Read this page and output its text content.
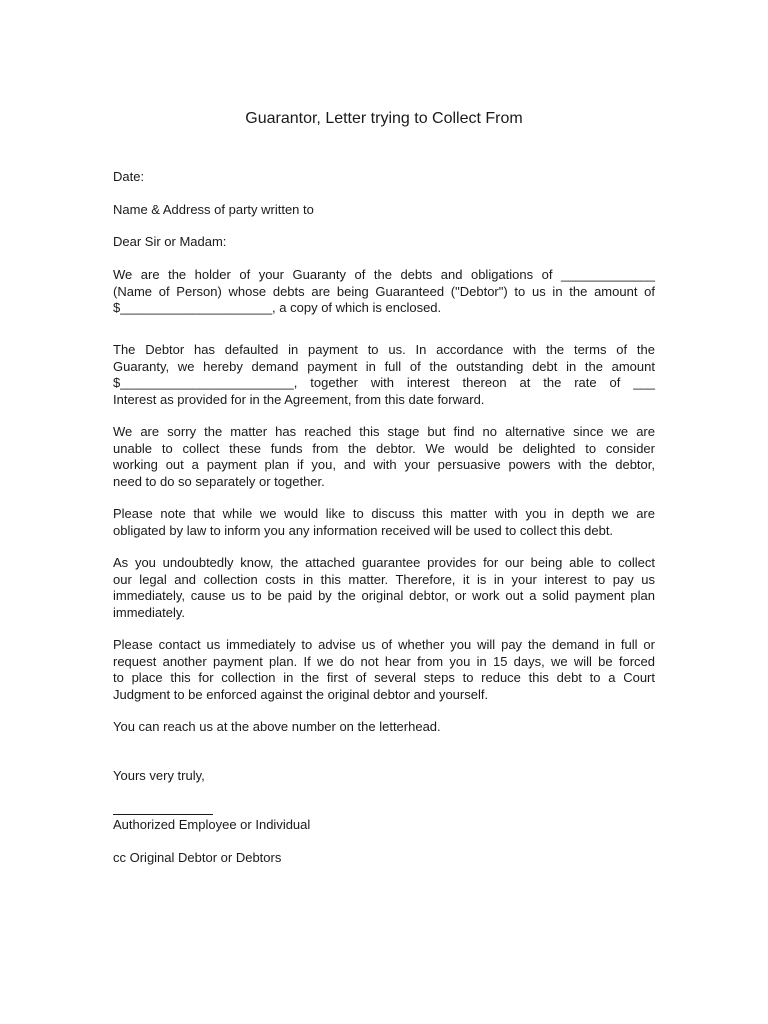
Guarantor, Letter trying to Collect From

Date:

Name & Address of party written to

Dear Sir or Madam:

We are the holder of your Guaranty of the debts and obligations of _____________
(Name of Person) whose debts are being Guaranteed ("Debtor") to us in the amount of
$_____________________, a copy of which is enclosed.
The Debtor has defaulted in payment to us. In accordance with the terms of the
Guaranty, we hereby demand payment in full of the outstanding debt in the amount
$________________________, together with interest thereon at the rate of ___
Interest as provided for in the Agreement, from this date forward.
We are sorry the matter has reached this stage but find no alternative since we are
unable to collect these funds from the debtor. We would be delighted to consider
working out a payment plan if you, and with your persuasive powers with the debtor,
need to do so separately or together.
Please note that while we would like to discuss this matter with you in depth we are
obligated by law to inform you any information received will be used to collect this debt.
As you undoubtedly know, the attached guarantee provides for our being able to collect
our legal and collection costs in this matter. Therefore, it is in your interest to pay us
immediately, cause us to be paid by the original debtor, or work out a solid payment plan
immediately.
Please contact us immediately to advise us of whether you will pay the demand in full or
request another payment plan. If we do not hear from you in 15 days, we will be forced
to place this for collection in the first of several steps to reduce this debt to a Court
Judgment to be enforced against the original debtor and yourself.

You can reach us at the above number on the letterhead.

Yours very truly,

Authorized Employee or Individual

cc Original Debtor or Debtors
